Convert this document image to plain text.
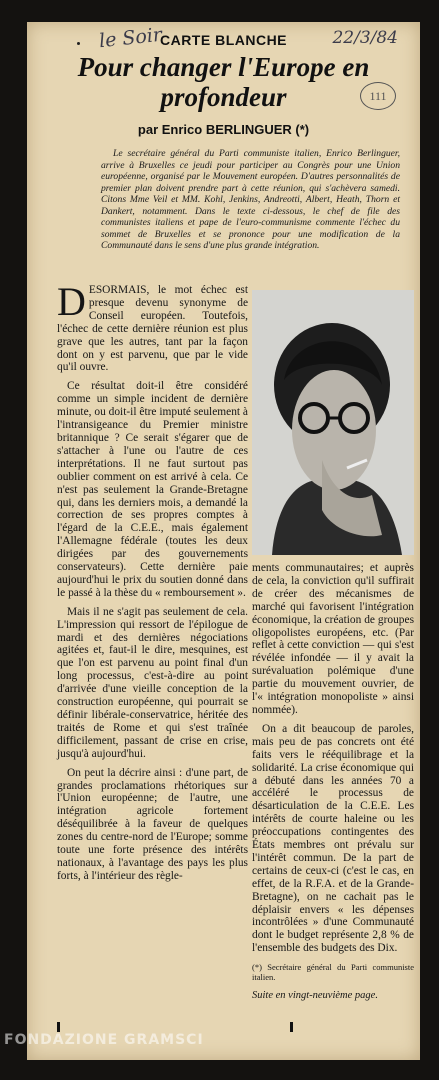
le Soir
CARTE BLANCHE	22/3/84
111
Pour changer l'Europe en profondeur
par Enrico BERLINGUER (*)
Le secrétaire général du Parti communiste italien, Enrico Berlinguer, arrive à Bruxelles ce jeudi pour participer au Congrès pour une Union européenne, organisé par le Mouvement européen. D'autres personnalités de premier plan doivent prendre part à cette réunion, qui s'achèvera samedi. Citons Mme Veil et MM. Kohl, Jenkins, Andreotti, Albert, Heath, Thorn et Dankert, notamment. Dans le texte ci-dessous, le chef de file des communistes italiens et pape de l'euro-communisme commente l'échec du sommet de Bruxelles et se prononce pour une modification de la Communauté dans le sens d'une plus grande intégration.

DESORMAIS, le mot échec est presque devenu synonyme de Conseil européen. Toutefois, l'échec de cette dernière réunion est plus grave que les autres, tant par la façon dont on y est parvenu, que par le vide qu'il ouvre.

Ce résultat doit-il être considéré comme un simple incident de dernière minute, ou doit-il être imputé seulement à l'intransigeance du Premier ministre britannique ? Ce serait s'égarer que de s'attacher à l'une ou l'autre de ces interprétations. Il ne faut surtout pas oublier comment on est arrivé à cela. Ce n'est pas seulement la Grande-Bretagne qui, dans les derniers mois, a demandé la correction de ses propres comptes à l'égard de la C.E.E., mais également l'Allemagne fédérale (toutes les deux dirigées par des gouvernements conservateurs). Cette dernière paie aujourd'hui le prix du soutien donné dans le passé à la thèse du « remboursement ».

Mais il ne s'agit pas seulement de cela. L'impression qui ressort de l'épilogue de mardi et des dernières négociations agitées et, faut-il le dire, mesquines, est que l'on est parvenu au point final d'un long processus, c'est-à-dire au point d'arrivée d'une vieille conception de la construction européenne, qui pourrait se définir libérale-conservatrice, héritée des traités de Rome et qui s'est traînée difficilement, passant de crise en crise, jusqu'à aujourd'hui.

On peut la décrire ainsi : d'une part, de grandes proclamations rhétoriques sur l'Union européenne; de l'autre, une intégration agricole fortement déséquilibrée à la faveur de quelques zones du centre-nord de l'Europe; somme toute une forte présence des intérêts nationaux, à l'avantage des pays les plus forts, à l'intérieur des règle-

ments communautaires; et auprès de cela, la conviction qu'il suffirait de créer des mécanismes de marché qui favorisent l'intégration économique, la création de groupes oligopolistes européens, etc. (Par reflet à cette conviction — qui s'est révélée infondée — il y avait la surévaluation polémique d'une partie du mouvement ouvrier, de l'« intégration monopoliste » ainsi nommée).

On a dit beaucoup de paroles, mais peu de pas concrets ont été faits vers le rééquilibrage et la solidarité. La crise économique qui a débuté dans les années 70 a accéléré le processus de désarticulation de la C.E.E. Les intérêts de courte haleine ou les préoccupations contingentes des États membres ont prévalu sur l'intérêt commun. De la part de certains de ceux-ci (c'est le cas, en effet, de la R.F.A. et de la Grande-Bretagne), on ne cachait pas le déplaisir envers « les dépenses incontrôlées » d'une Communauté dont le budget représente 2,8 % de l'ensemble des budgets des Dix.

(*) Secrétaire général du Parti communiste italien.
Suite en vingt-neuvième page.
FONDAZIONE GRAMSCI
